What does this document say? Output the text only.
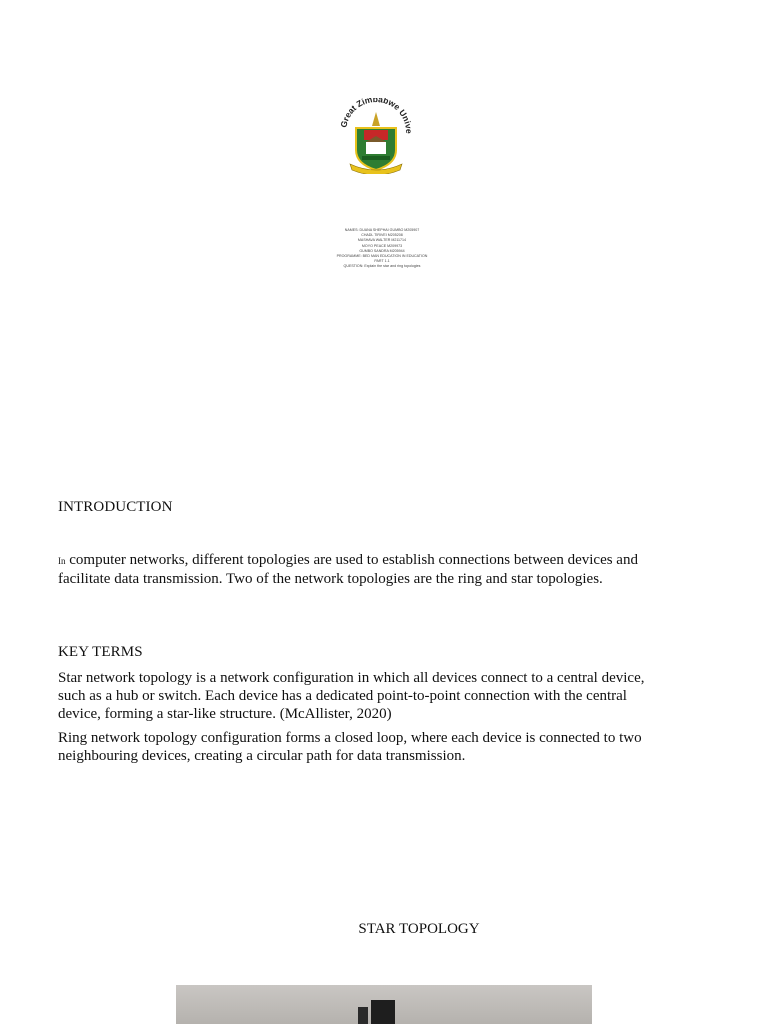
Great Zimbabwe Unive
NAMES: DUANA SHEPHAI GUMBO M205907
CHADL TIRIVEI M205208
MASHAVA WALTER M211714
MOYO PEACE M209973
GUMBO SANDRA M205944
PROGRAMME: BED MAN EDUCATION IN EDUCATION
PART 1.1
QUESTION: Explain the star and ring topologies
INTRODUCTION
In computer networks, different topologies are used to establish connections between devices and
facilitate data transmission. Two of the network topologies are the ring and star topologies.
KEY TERMS
Star network topology is a network configuration in which all devices connect to a central device,
such as a hub or switch. Each device has a dedicated point-to-point connection with the central
device, forming a star-like structure. (McAllister, 2020)
Ring network topology configuration forms a closed loop, where each device is connected to two
neighbouring devices, creating a circular path for data transmission.
STAR TOPOLOGY
